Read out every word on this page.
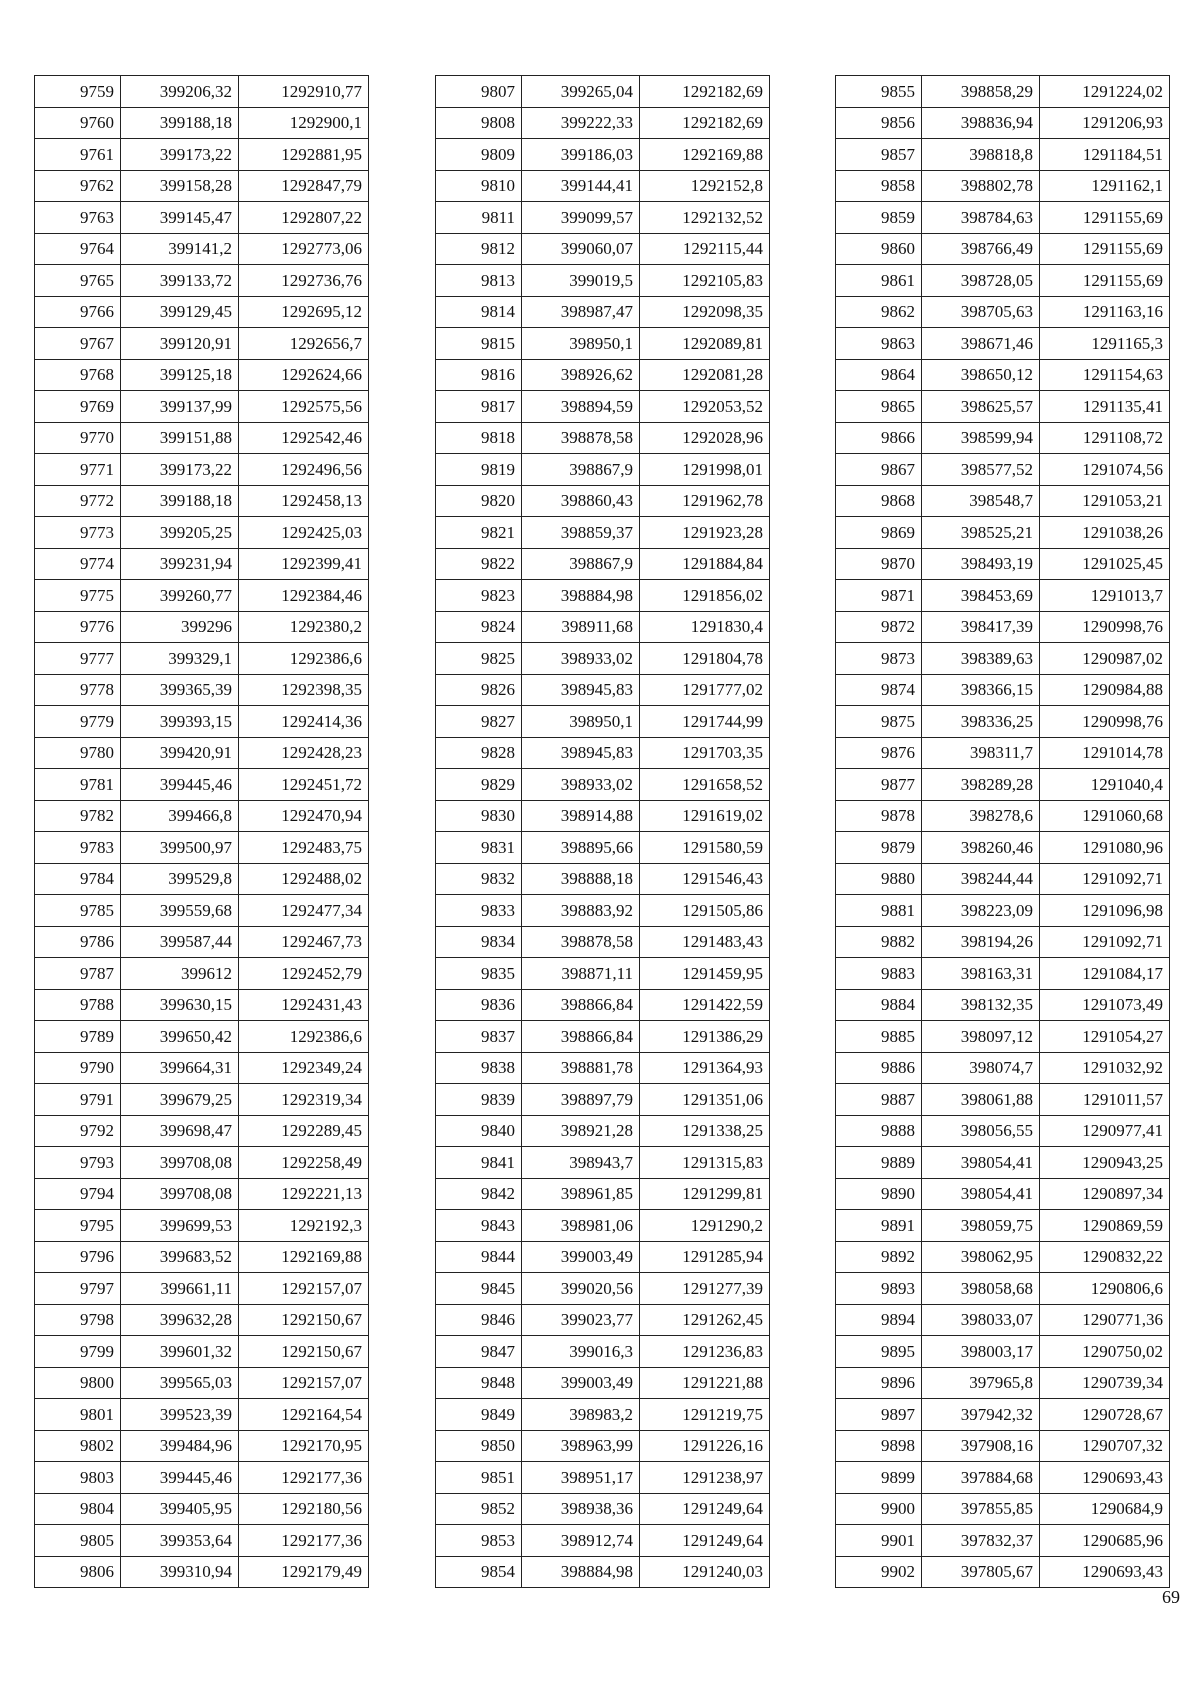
9759	399206,32	1292910,77
9760	399188,18	1292900,1
9761	399173,22	1292881,95
9762	399158,28	1292847,79
9763	399145,47	1292807,22
9764	399141,2	1292773,06
9765	399133,72	1292736,76
9766	399129,45	1292695,12
9767	399120,91	1292656,7
9768	399125,18	1292624,66
9769	399137,99	1292575,56
9770	399151,88	1292542,46
9771	399173,22	1292496,56
9772	399188,18	1292458,13
9773	399205,25	1292425,03
9774	399231,94	1292399,41
9775	399260,77	1292384,46
9776	399296	1292380,2
9777	399329,1	1292386,6
9778	399365,39	1292398,35
9779	399393,15	1292414,36
9780	399420,91	1292428,23
9781	399445,46	1292451,72
9782	399466,8	1292470,94
9783	399500,97	1292483,75
9784	399529,8	1292488,02
9785	399559,68	1292477,34
9786	399587,44	1292467,73
9787	399612	1292452,79
9788	399630,15	1292431,43
9789	399650,42	1292386,6
9790	399664,31	1292349,24
9791	399679,25	1292319,34
9792	399698,47	1292289,45
9793	399708,08	1292258,49
9794	399708,08	1292221,13
9795	399699,53	1292192,3
9796	399683,52	1292169,88
9797	399661,11	1292157,07
9798	399632,28	1292150,67
9799	399601,32	1292150,67
9800	399565,03	1292157,07
9801	399523,39	1292164,54
9802	399484,96	1292170,95
9803	399445,46	1292177,36
9804	399405,95	1292180,56
9805	399353,64	1292177,36
9806	399310,94	1292179,49
9807	399265,04	1292182,69
9808	399222,33	1292182,69
9809	399186,03	1292169,88
9810	399144,41	1292152,8
9811	399099,57	1292132,52
9812	399060,07	1292115,44
9813	399019,5	1292105,83
9814	398987,47	1292098,35
9815	398950,1	1292089,81
9816	398926,62	1292081,28
9817	398894,59	1292053,52
9818	398878,58	1292028,96
9819	398867,9	1291998,01
9820	398860,43	1291962,78
9821	398859,37	1291923,28
9822	398867,9	1291884,84
9823	398884,98	1291856,02
9824	398911,68	1291830,4
9825	398933,02	1291804,78
9826	398945,83	1291777,02
9827	398950,1	1291744,99
9828	398945,83	1291703,35
9829	398933,02	1291658,52
9830	398914,88	1291619,02
9831	398895,66	1291580,59
9832	398888,18	1291546,43
9833	398883,92	1291505,86
9834	398878,58	1291483,43
9835	398871,11	1291459,95
9836	398866,84	1291422,59
9837	398866,84	1291386,29
9838	398881,78	1291364,93
9839	398897,79	1291351,06
9840	398921,28	1291338,25
9841	398943,7	1291315,83
9842	398961,85	1291299,81
9843	398981,06	1291290,2
9844	399003,49	1291285,94
9845	399020,56	1291277,39
9846	399023,77	1291262,45
9847	399016,3	1291236,83
9848	399003,49	1291221,88
9849	398983,2	1291219,75
9850	398963,99	1291226,16
9851	398951,17	1291238,97
9852	398938,36	1291249,64
9853	398912,74	1291249,64
9854	398884,98	1291240,03
9855	398858,29	1291224,02
9856	398836,94	1291206,93
9857	398818,8	1291184,51
9858	398802,78	1291162,1
9859	398784,63	1291155,69
9860	398766,49	1291155,69
9861	398728,05	1291155,69
9862	398705,63	1291163,16
9863	398671,46	1291165,3
9864	398650,12	1291154,63
9865	398625,57	1291135,41
9866	398599,94	1291108,72
9867	398577,52	1291074,56
9868	398548,7	1291053,21
9869	398525,21	1291038,26
9870	398493,19	1291025,45
9871	398453,69	1291013,7
9872	398417,39	1290998,76
9873	398389,63	1290987,02
9874	398366,15	1290984,88
9875	398336,25	1290998,76
9876	398311,7	1291014,78
9877	398289,28	1291040,4
9878	398278,6	1291060,68
9879	398260,46	1291080,96
9880	398244,44	1291092,71
9881	398223,09	1291096,98
9882	398194,26	1291092,71
9883	398163,31	1291084,17
9884	398132,35	1291073,49
9885	398097,12	1291054,27
9886	398074,7	1291032,92
9887	398061,88	1291011,57
9888	398056,55	1290977,41
9889	398054,41	1290943,25
9890	398054,41	1290897,34
9891	398059,75	1290869,59
9892	398062,95	1290832,22
9893	398058,68	1290806,6
9894	398033,07	1290771,36
9895	398003,17	1290750,02
9896	397965,8	1290739,34
9897	397942,32	1290728,67
9898	397908,16	1290707,32
9899	397884,68	1290693,43
9900	397855,85	1290684,9
9901	397832,37	1290685,96
9902	397805,67	1290693,43
69
